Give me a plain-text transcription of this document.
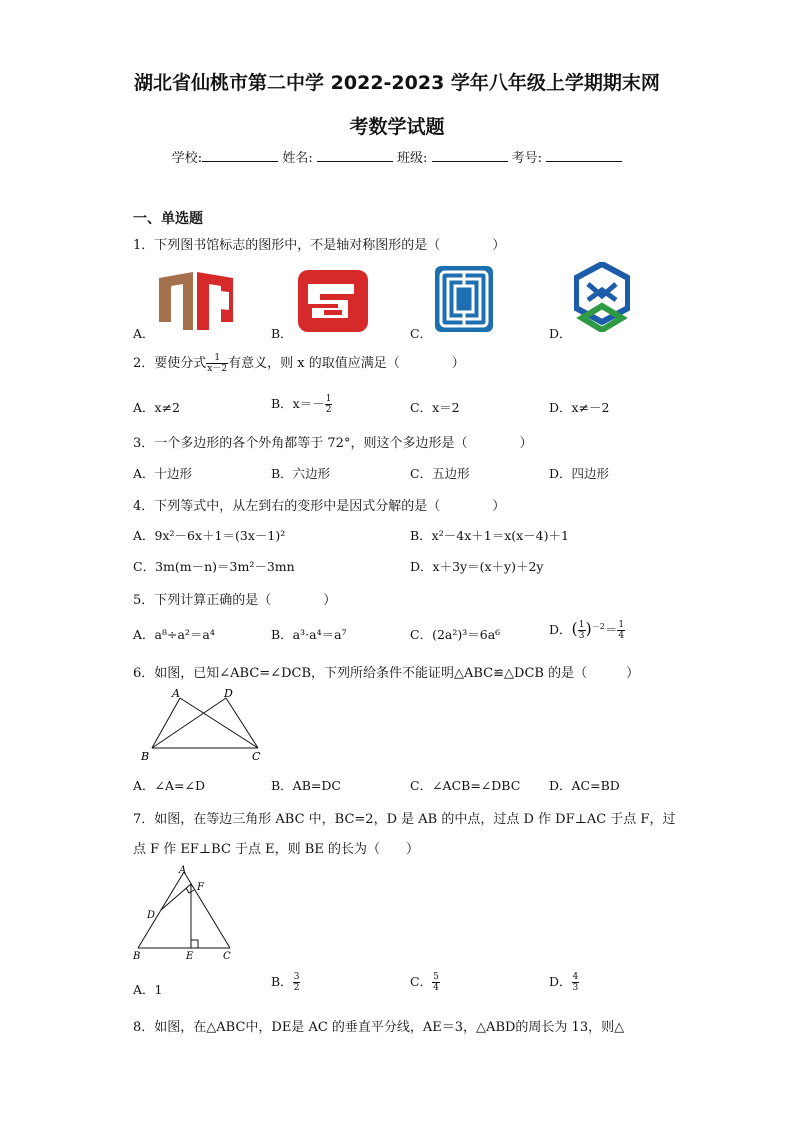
湖北省仙桃市第二中学 2022-2023 学年八年级上学期期末网
考数学试题
学校:	姓名:	班级:	考号:
一、单选题
1．下列图书馆标志的图形中，不是轴对称图形的是（　　　　）
A．	B．	C．	D．
2．要使分式 $\frac{1}{x-2}$ 有意义，则 x 的取值应满足（　　　　）
A．x≠2	B．$x=- \frac{1}{2}$	C．x＝2	D．x≠－2
3．一个多边形的各个外角都等于 72°，则这个多边形是（　　　　）
A．十边形	B．六边形	C．五边形	D．四边形
4．下列等式中，从左到右的变形中是因式分解的是（　　　　）
A．9x²－6x＋1＝(3x－1)²	B．x²－4x＋1＝x(x－4)＋1
C．3m(m－n)＝3m²－3mn	D．x＋3y＝(x＋y)＋2y
5．下列计算正确的是（　　　　）
A．a⁸÷a²＝a⁴	B．a³·a⁴＝a⁷	C．(2a²)³＝6a⁶	D．( $\frac{1}{3} )^{-2}= \frac{1}{4}$
6．如图，已知∠ABC=∠DCB，下列所给条件不能证明△ABC≌△DCB 的是（　　　）
A	D
B	C
A．∠A=∠D	B．AB=DC	C．∠ACB=∠DBC D．AC=BD
7．如图，在等边三角形 ABC 中，BC=2，D 是 AB 的中点，过点 D 作 DF⊥AC 于点 F，过
点 F 作 EF⊥BC 于点 E，则 BE 的长为（　　）
A
F
D
B	E	C
A．1
B． $\frac{3}{2}$	C． $\frac{5}{4}$	D． $\frac{4}{3}$
8．如图，在△ABC中，DE是 AC 的垂直平分线，AE＝3，△ABD的周长为 13，则△
